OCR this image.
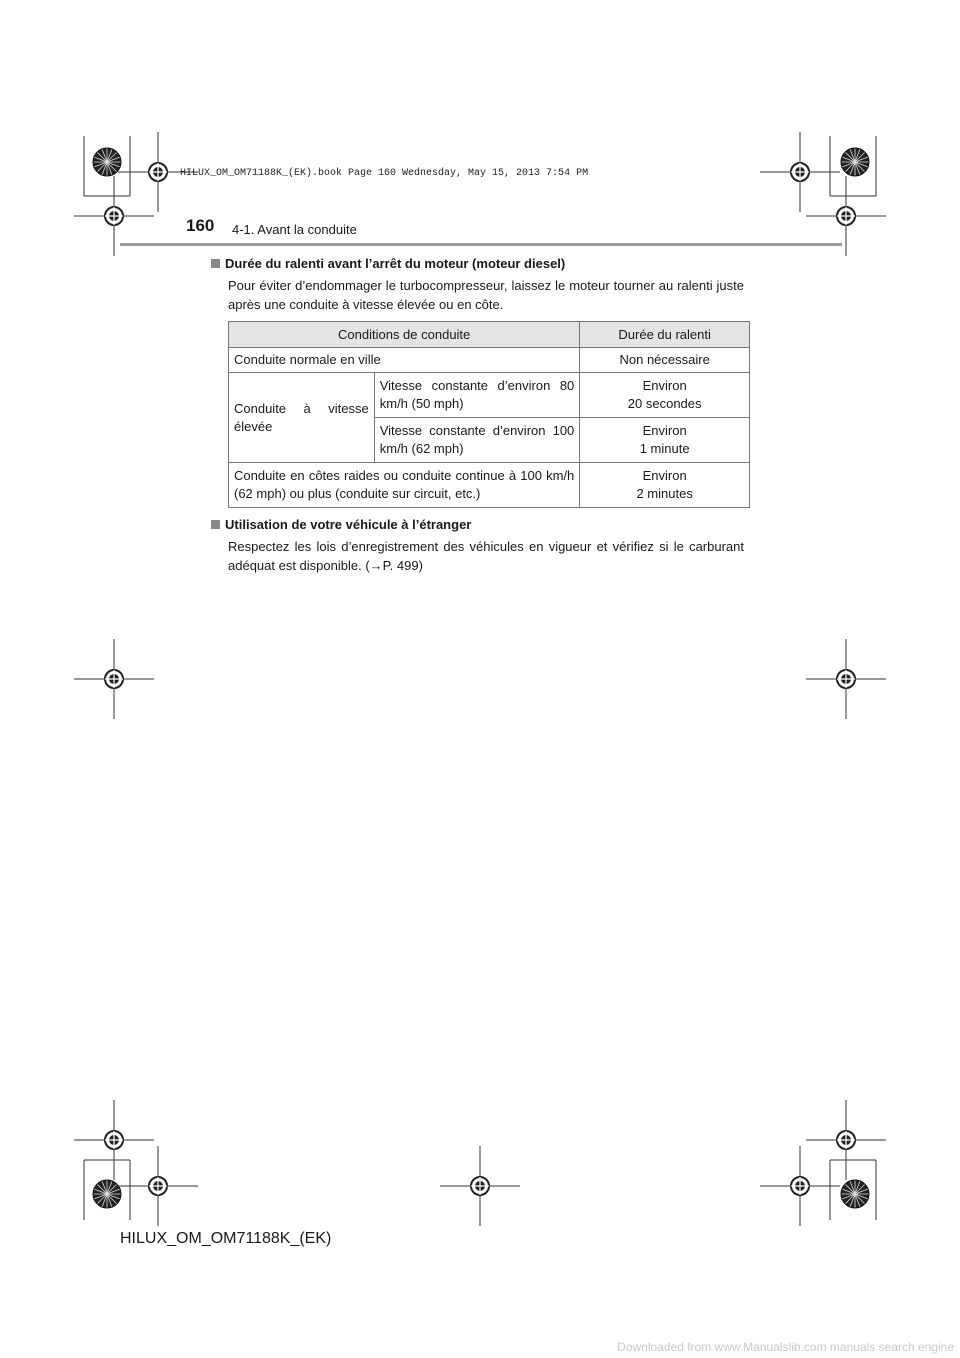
HILUX_OM_OM71188K_(EK).book Page 160 Wednesday, May 15, 2013 7:54 PM
160 4-1. Avant la conduite
Durée du ralenti avant l’arrêt du moteur (moteur diesel)
Pour éviter d’endommager le turbocompresseur, laissez le moteur tourner au ralenti juste après une conduite à vitesse élevée ou en côte.
Conditions de conduite		Durée du ralenti
Conduite normale en ville		Non nécessaire
Conduite à vitesse élevée	Vitesse constante d’environ 80 km/h (50 mph)	Environ
20 secondes
	Vitesse constante d’environ 100 km/h (62 mph)	Environ
1 minute
Conduite en côtes raides ou conduite continue à 100 km/h (62 mph) ou plus (conduite sur circuit, etc.)		Environ
2 minutes
Utilisation de votre véhicule à l’étranger
Respectez les lois d’enregistrement des véhicules en vigueur et vérifiez si le carburant adéquat est disponible. (→P. 499)
HILUX_OM_OM71188K_(EK)
Downloaded from www.Manualslib.com manuals search engine
